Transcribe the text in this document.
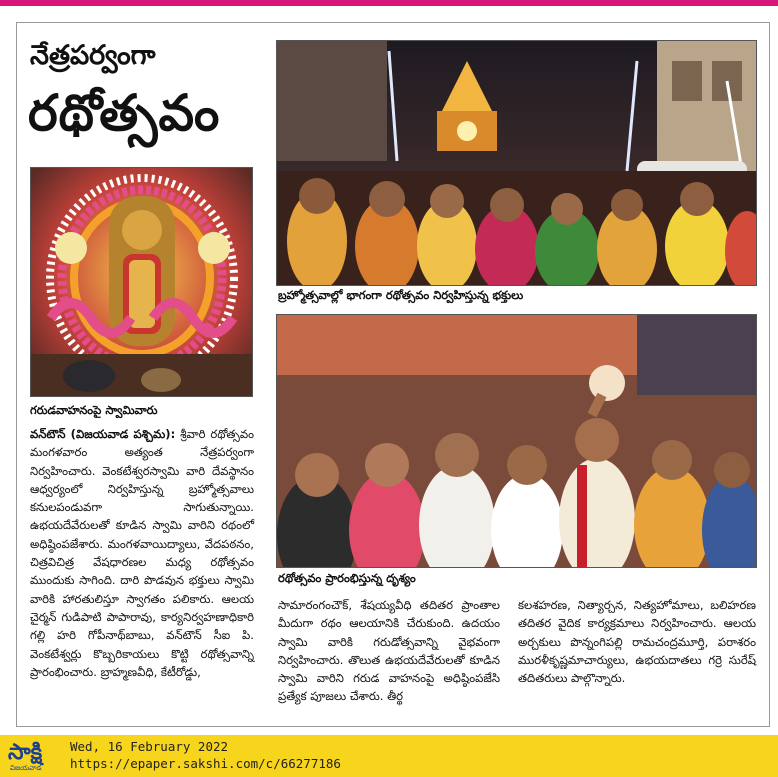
నేత్రపర్వంగా
రథోత్సవం
గరుడవాహనంపై స్వామివారు
బ్రహ్మోత్సవాల్లో భాగంగా రథోత్సవం నిర్వహిస్తున్న భక్తులు
రథోత్సవం ప్రారంభిస్తున్న దృశ్యం

వన్‌టౌన్ (విజయవాడ పశ్చిమ): శ్రీవారి రథోత్సవం మంగళవారం అత్యంత నేత్రపర్వంగా నిర్వహించారు. వెంకటేశ్వరస్వామి వారి దేవస్థానం ఆధ్వర్యంలో నిర్వహిస్తున్న బ్రహ్మోత్సవాలు కనులపండువగా సాగుతున్నాయి. ఉభయదేవేరులతో కూడిన స్వామి వారిని రథంలో అధిష్ఠింపజేశారు. మంగళవాయిద్యాలు, వేదపఠనం, చిత్రవిచిత్ర వేషధారణల మధ్య రథోత్సవం ముందుకు సాగింది. దారి పొడవున భక్తులు స్వామి వారికి హారతులిస్తూ స్వాగతం పలికారు. ఆలయ చైర్మన్ గుడిపాటి పాపారావు, కార్యనిర్వహణాధికారి గల్లి హరి గోపీనాథ్‌బాబు, వన్‌టౌన్ సీఐ పి. వెంకటేశ్వర్లు కొబ్బరికాయలు కొట్టి రథోత్సవాన్ని ప్రారంభించారు. బ్రాహ్మణవీధి, కేటీరోడ్డు,

సామారంగంచౌక్, శేషయ్యవీధి తదితర ప్రాంతాల మీదుగా రథం ఆలయానికి చేరుకుంది. ఉదయం స్వామి వారికి గరుడోత్సవాన్ని వైభవంగా నిర్వహించారు. తొలుత ఉభయదేవేరులతో కూడిన స్వామి వారిని గరుడ వాహనంపై అధిష్ఠింపజేసి ప్రత్యేక పూజలు చేశారు. తీర్థ

కలశహరణ, నిత్యార్చన, నిత్యహోమాలు, బలిహరణ తదితర వైదిక కార్యక్రమాలు నిర్వహించారు. ఆలయ అర్చకులు పొన్నంగిపల్లి రామచంద్రమూర్తి, పరాశరం మురళీకృష్ణమాచార్యులు, ఉభయదాతలు గర్రె సురేష్ తదితరులు పాల్గొన్నారు.

సాక్షి
విజయవాడ
Wed, 16 February 2022
https://epaper.sakshi.com/c/66277186
